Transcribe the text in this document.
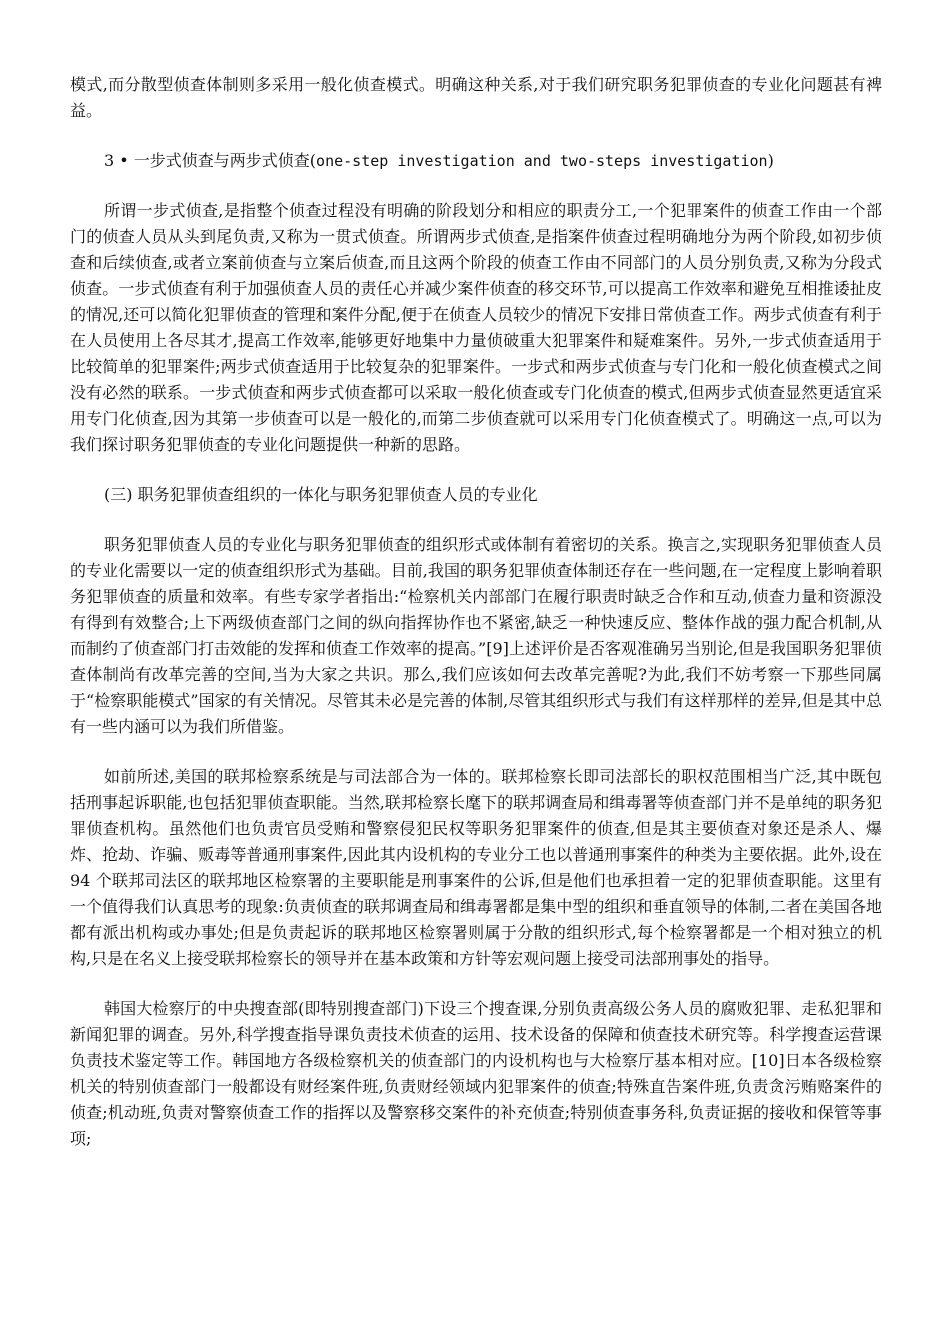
模式,而分散型侦查体制则多采用一般化侦查模式。明确这种关系,对于我们研究职务犯罪侦查的专业化问题甚有裨益。

3 • 一步式侦查与两步式侦查(one-step investigation and two-steps investigation)

所谓一步式侦查,是指整个侦查过程没有明确的阶段划分和相应的职责分工,一个犯罪案件的侦查工作由一个部门的侦查人员从头到尾负责,又称为一贯式侦查。所谓两步式侦查,是指案件侦查过程明确地分为两个阶段,如初步侦查和后续侦查,或者立案前侦查与立案后侦查,而且这两个阶段的侦查工作由不同部门的人员分别负责,又称为分段式侦查。一步式侦查有利于加强侦查人员的责任心并减少案件侦查的移交环节,可以提高工作效率和避免互相推诿扯皮的情况,还可以简化犯罪侦查的管理和案件分配,便于在侦查人员较少的情况下安排日常侦查工作。两步式侦查有利于在人员使用上各尽其才,提高工作效率,能够更好地集中力量侦破重大犯罪案件和疑难案件。另外,一步式侦查适用于比较简单的犯罪案件;两步式侦查适用于比较复杂的犯罪案件。一步式和两步式侦查与专门化和一般化侦查模式之间没有必然的联系。一步式侦查和两步式侦查都可以采取一般化侦查或专门化侦查的模式,但两步式侦查显然更适宜采用专门化侦查,因为其第一步侦查可以是一般化的,而第二步侦查就可以采用专门化侦查模式了。明确这一点,可以为我们探讨职务犯罪侦查的专业化问题提供一种新的思路。

(三) 职务犯罪侦查组织的一体化与职务犯罪侦查人员的专业化

职务犯罪侦查人员的专业化与职务犯罪侦查的组织形式或体制有着密切的关系。换言之,实现职务犯罪侦查人员的专业化需要以一定的侦查组织形式为基础。目前,我国的职务犯罪侦查体制还存在一些问题,在一定程度上影响着职务犯罪侦查的质量和效率。有些专家学者指出:“检察机关内部部门在履行职责时缺乏合作和互动,侦查力量和资源没有得到有效整合;上下两级侦查部门之间的纵向指挥协作也不紧密,缺乏一种快速反应、整体作战的强力配合机制,从而制约了侦查部门打击效能的发挥和侦查工作效率的提高。”[9]上述评价是否客观准确另当别论,但是我国职务犯罪侦查体制尚有改革完善的空间,当为大家之共识。那么,我们应该如何去改革完善呢?为此,我们不妨考察一下那些同属于“检察职能模式”国家的有关情况。尽管其未必是完善的体制,尽管其组织形式与我们有这样那样的差异,但是其中总有一些内涵可以为我们所借鉴。

如前所述,美国的联邦检察系统是与司法部合为一体的。联邦检察长即司法部长的职权范围相当广泛,其中既包括刑事起诉职能,也包括犯罪侦查职能。当然,联邦检察长麾下的联邦调查局和缉毒署等侦查部门并不是单纯的职务犯罪侦查机构。虽然他们也负责官员受贿和警察侵犯民权等职务犯罪案件的侦查,但是其主要侦查对象还是杀人、爆炸、抢劫、诈骗、贩毒等普通刑事案件,因此其内设机构的专业分工也以普通刑事案件的种类为主要依据。此外,设在 94 个联邦司法区的联邦地区检察署的主要职能是刑事案件的公诉,但是他们也承担着一定的犯罪侦查职能。这里有一个值得我们认真思考的现象:负责侦查的联邦调查局和缉毒署都是集中型的组织和垂直领导的体制,二者在美国各地都有派出机构或办事处;但是负责起诉的联邦地区检察署则属于分散的组织形式,每个检察署都是一个相对独立的机构,只是在名义上接受联邦检察长的领导并在基本政策和方针等宏观问题上接受司法部刑事处的指导。

韩国大检察厅的中央搜查部(即特别搜查部门)下设三个搜查课,分别负责高级公务人员的腐败犯罪、走私犯罪和新闻犯罪的调查。另外,科学搜查指导课负责技术侦查的运用、技术设备的保障和侦查技术研究等。科学搜查运营课负责技术鉴定等工作。韩国地方各级检察机关的侦查部门的内设机构也与大检察厅基本相对应。[10]日本各级检察机关的特别侦查部门一般都设有财经案件班,负责财经领域内犯罪案件的侦查;特殊直告案件班,负责贪污贿赂案件的侦查;机动班,负责对警察侦查工作的指挥以及警察移交案件的补充侦查;特别侦查事务科,负责证据的接收和保管等事项;
